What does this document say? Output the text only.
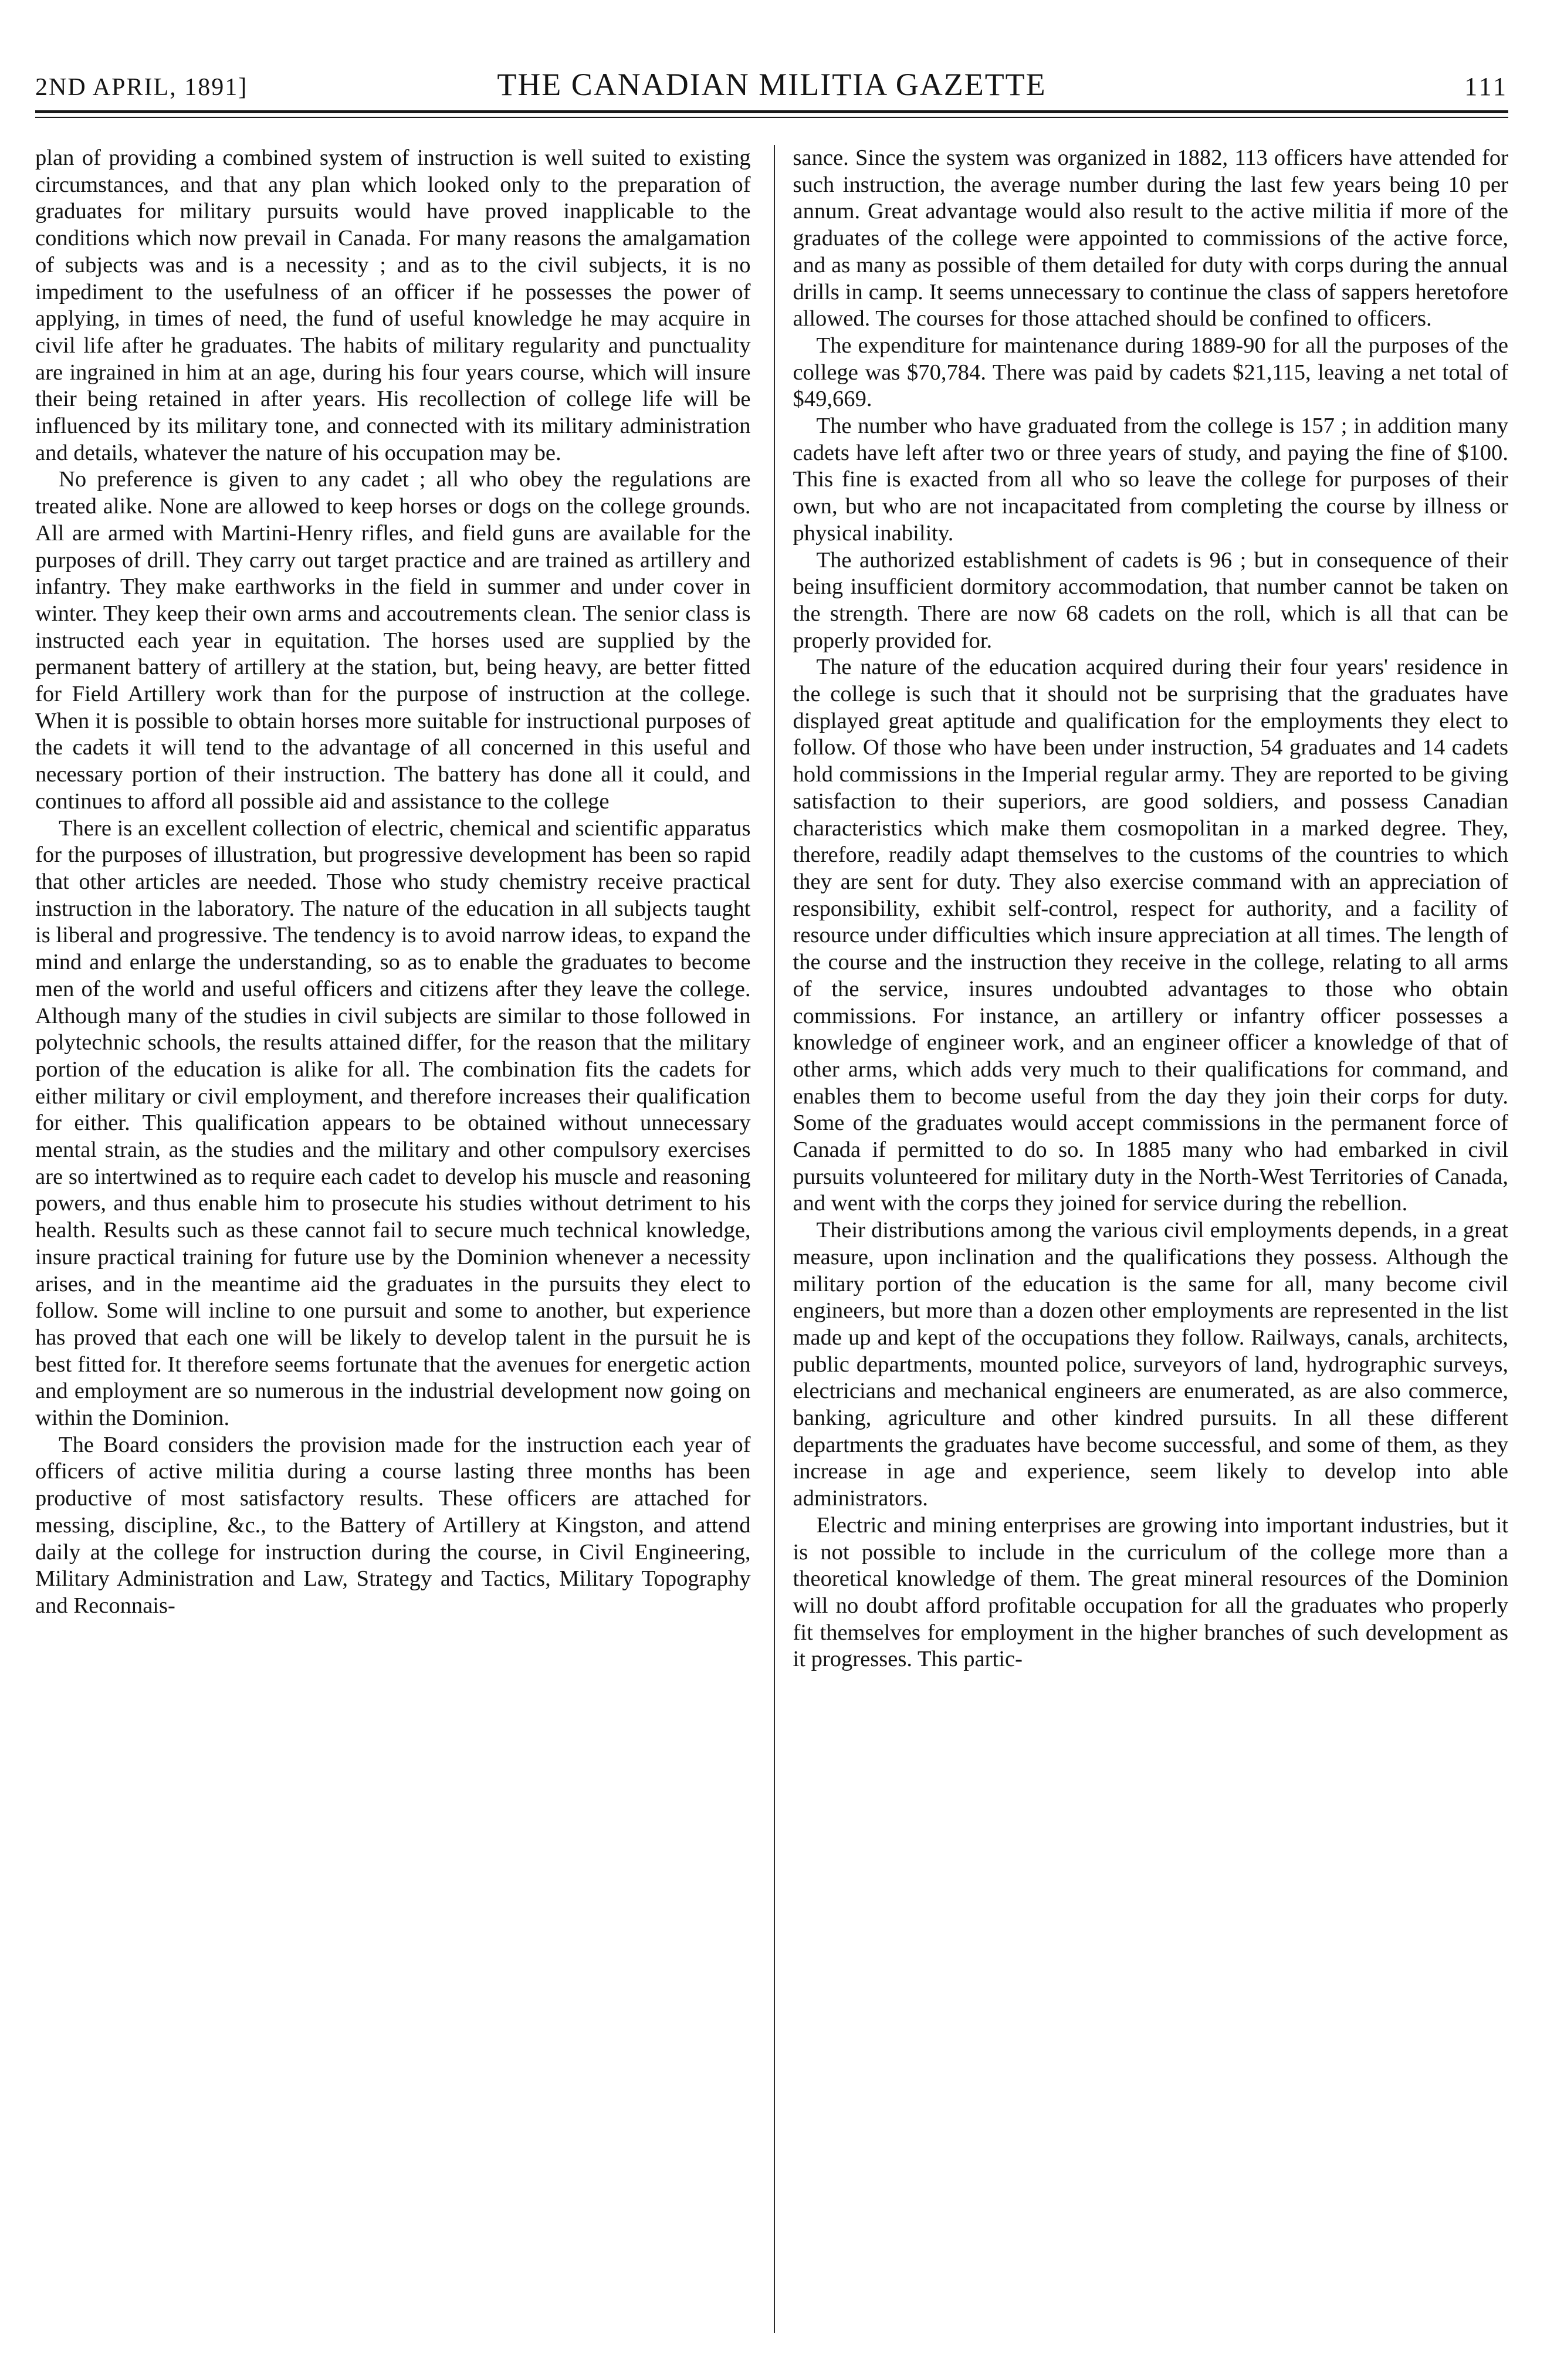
2ND APRIL, 1891]	THE CANADIAN MILITIA GAZETTE	111

plan of providing a combined system of instruction is well suited to existing circumstances, and that any plan which looked only to the preparation of graduates for military pursuits would have proved inapplicable to the conditions which now prevail in Canada. For many reasons the amalgamation of subjects was and is a necessity ; and as to the civil subjects, it is no impediment to the usefulness of an officer if he possesses the power of applying, in times of need, the fund of useful knowledge he may acquire in civil life after he graduates. The habits of military regularity and punctuality are ingrained in him at an age, during his four years course, which will insure their being retained in after years. His recollection of college life will be influenced by its military tone, and connected with its military administration and details, whatever the nature of his occupation may be.

No preference is given to any cadet ; all who obey the regulations are treated alike. None are allowed to keep horses or dogs on the college grounds. All are armed with Martini-Henry rifles, and field guns are available for the purposes of drill. They carry out target practice and are trained as artillery and infantry. They make earthworks in the field in summer and under cover in winter. They keep their own arms and accoutrements clean. The senior class is instructed each year in equitation. The horses used are supplied by the permanent battery of artillery at the station, but, being heavy, are better fitted for Field Artillery work than for the purpose of instruction at the college. When it is possible to obtain horses more suitable for instructional purposes of the cadets it will tend to the advantage of all concerned in this useful and necessary portion of their instruction. The battery has done all it could, and continues to afford all possible aid and assistance to the college

There is an excellent collection of electric, chemical and scientific apparatus for the purposes of illustration, but progressive development has been so rapid that other articles are needed. Those who study chemistry receive practical instruction in the laboratory. The nature of the education in all subjects taught is liberal and progressive. The tendency is to avoid narrow ideas, to expand the mind and enlarge the understanding, so as to enable the graduates to become men of the world and useful officers and citizens after they leave the college. Although many of the studies in civil subjects are similar to those followed in polytechnic schools, the results attained differ, for the reason that the military portion of the education is alike for all. The combination fits the cadets for either military or civil employment, and therefore increases their qualification for either. This qualification appears to be obtained without unnecessary mental strain, as the studies and the military and other compulsory exercises are so intertwined as to require each cadet to develop his muscle and reasoning powers, and thus enable him to prosecute his studies without detriment to his health. Results such as these cannot fail to secure much technical knowledge, insure practical training for future use by the Dominion whenever a necessity arises, and in the meantime aid the graduates in the pursuits they elect to follow. Some will incline to one pursuit and some to another, but experience has proved that each one will be likely to develop talent in the pursuit he is best fitted for. It therefore seems fortunate that the avenues for energetic action and employment are so numerous in the industrial development now going on within the Dominion.

The Board considers the provision made for the instruction each year of officers of active militia during a course lasting three months has been productive of most satisfactory results. These officers are attached for messing, discipline, &c., to the Battery of Artillery at Kingston, and attend daily at the college for instruction during the course, in Civil Engineering, Military Administration and Law, Strategy and Tactics, Military Topography and Reconnais-

sance. Since the system was organized in 1882, 113 officers have attended for such instruction, the average number during the last few years being 10 per annum. Great advantage would also result to the active militia if more of the graduates of the college were appointed to commissions of the active force, and as many as possible of them detailed for duty with corps during the annual drills in camp. It seems unnecessary to continue the class of sappers heretofore allowed. The courses for those attached should be confined to officers.

The expenditure for maintenance during 1889-90 for all the purposes of the college was $70,784. There was paid by cadets $21,115, leaving a net total of $49,669.

The number who have graduated from the college is 157 ; in addition many cadets have left after two or three years of study, and paying the fine of $100. This fine is exacted from all who so leave the college for purposes of their own, but who are not incapacitated from completing the course by illness or physical inability.

The authorized establishment of cadets is 96 ; but in consequence of their being insufficient dormitory accommodation, that number cannot be taken on the strength. There are now 68 cadets on the roll, which is all that can be properly provided for.

The nature of the education acquired during their four years' residence in the college is such that it should not be surprising that the graduates have displayed great aptitude and qualification for the employments they elect to follow. Of those who have been under instruction, 54 graduates and 14 cadets hold commissions in the Imperial regular army. They are reported to be giving satisfaction to their superiors, are good soldiers, and possess Canadian characteristics which make them cosmopolitan in a marked degree. They, therefore, readily adapt themselves to the customs of the countries to which they are sent for duty. They also exercise command with an appreciation of responsibility, exhibit self-control, respect for authority, and a facility of resource under difficulties which insure appreciation at all times. The length of the course and the instruction they receive in the college, relating to all arms of the service, insures undoubted advantages to those who obtain commissions. For instance, an artillery or infantry officer possesses a knowledge of engineer work, and an engineer officer a knowledge of that of other arms, which adds very much to their qualifications for command, and enables them to become useful from the day they join their corps for duty. Some of the graduates would accept commissions in the permanent force of Canada if permitted to do so. In 1885 many who had embarked in civil pursuits volunteered for military duty in the North-West Territories of Canada, and went with the corps they joined for service during the rebellion.

Their distributions among the various civil employments depends, in a great measure, upon inclination and the qualifications they possess. Although the military portion of the education is the same for all, many become civil engineers, but more than a dozen other employments are represented in the list made up and kept of the occupations they follow. Railways, canals, architects, public departments, mounted police, surveyors of land, hydrographic surveys, electricians and mechanical engineers are enumerated, as are also commerce, banking, agriculture and other kindred pursuits. In all these different departments the graduates have become successful, and some of them, as they increase in age and experience, seem likely to develop into able administrators.

Electric and mining enterprises are growing into important industries, but it is not possible to include in the curriculum of the college more than a theoretical knowledge of them. The great mineral resources of the Dominion will no doubt afford profitable occupation for all the graduates who properly fit themselves for employment in the higher branches of such development as it progresses. This partic-
